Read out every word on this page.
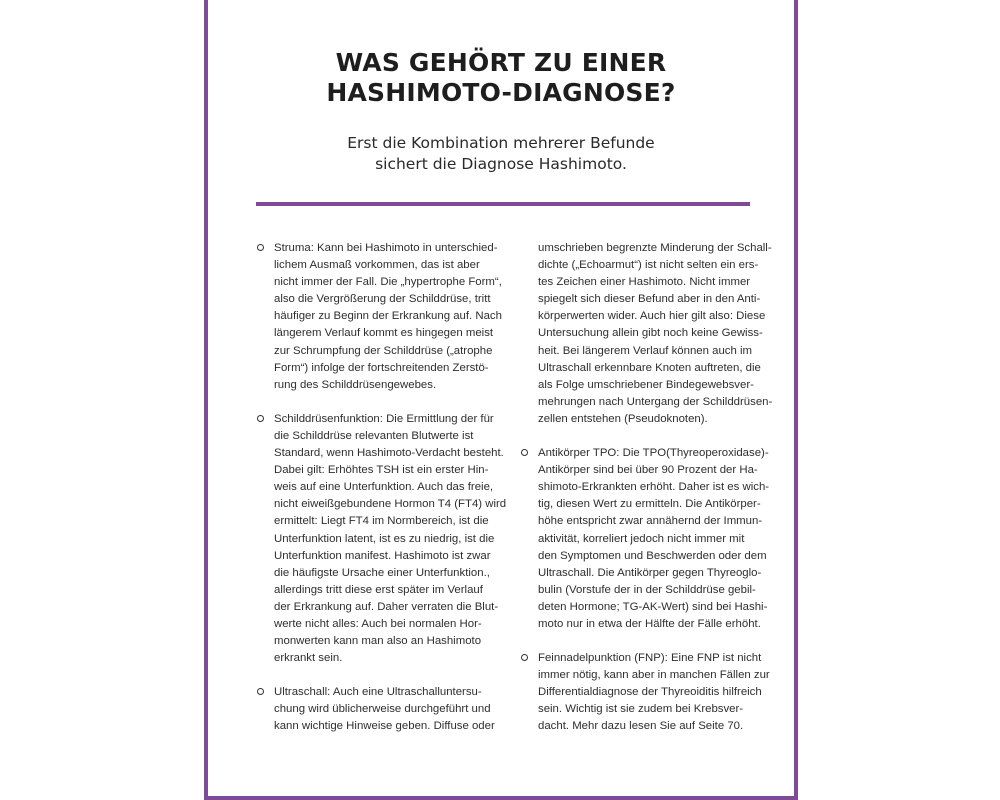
WAS GEHÖRT ZU EINER
HASHIMOTO-DIAGNOSE?

Erst die Kombination mehrerer Befunde
sichert die Diagnose Hashimoto.

Struma: Kann bei Hashimoto in unterschied-
lichem Ausmaß vorkommen, das ist aber
nicht immer der Fall. Die „hypertrophe Form“,
also die Vergrößerung der Schilddrüse, tritt
häufiger zu Beginn der Erkrankung auf. Nach
längerem Verlauf kommt es hingegen meist
zur Schrumpfung der Schilddrüse („atrophe
Form“) infolge der fortschreitenden Zerstö-
rung des Schilddrüsengewebes.
Schilddrüsenfunktion: Die Ermittlung der für
die Schilddrüse relevanten Blutwerte ist
Standard, wenn Hashimoto-Verdacht besteht.
Dabei gilt: Erhöhtes TSH ist ein erster Hin-
weis auf eine Unterfunktion. Auch das freie,
nicht eiweißgebundene Hormon T4 (FT4) wird
ermittelt: Liegt FT4 im Normbereich, ist die
Unterfunktion latent, ist es zu niedrig, ist die
Unterfunktion manifest. Hashimoto ist zwar
die häufigste Ursache einer Unterfunktion.,
allerdings tritt diese erst später im Verlauf
der Erkrankung auf. Daher verraten die Blut-
werte nicht alles: Auch bei normalen Hor-
monwerten kann man also an Hashimoto
erkrankt sein.
Ultraschall: Auch eine Ultraschalluntersu-
chung wird üblicherweise durchgeführt und
kann wichtige Hinweise geben. Diffuse oder
umschrieben begrenzte Minderung der Schall-
dichte („Echoarmut“) ist nicht selten ein ers-
tes Zeichen einer Hashimoto. Nicht immer
spiegelt sich dieser Befund aber in den Anti-
körperwerten wider. Auch hier gilt also: Diese
Untersuchung allein gibt noch keine Gewiss-
heit. Bei längerem Verlauf können auch im
Ultraschall erkennbare Knoten auftreten, die
als Folge umschriebener Bindegewebsver-
mehrungen nach Untergang der Schilddrüsen-
zellen entstehen (Pseudoknoten).
Antikörper TPO: Die TPO(Thyreoperoxidase)-
Antikörper sind bei über 90 Prozent der Ha-
shimoto-Erkrankten erhöht. Daher ist es wich-
tig, diesen Wert zu ermitteln. Die Antikörper-
höhe entspricht zwar annähernd der Immun-
aktivität, korreliert jedoch nicht immer mit
den Symptomen und Beschwerden oder dem
Ultraschall. Die Antikörper gegen Thyreoglo-
bulin (Vorstufe der in der Schilddrüse gebil-
deten Hormone; TG-AK-Wert) sind bei Hashi-
moto nur in etwa der Hälfte der Fälle erhöht.
Feinnadelpunktion (FNP): Eine FNP ist nicht
immer nötig, kann aber in manchen Fällen zur
Differentialdiagnose der Thyreoiditis hilfreich
sein. Wichtig ist sie zudem bei Krebsver-
dacht. Mehr dazu lesen Sie auf Seite 70.
